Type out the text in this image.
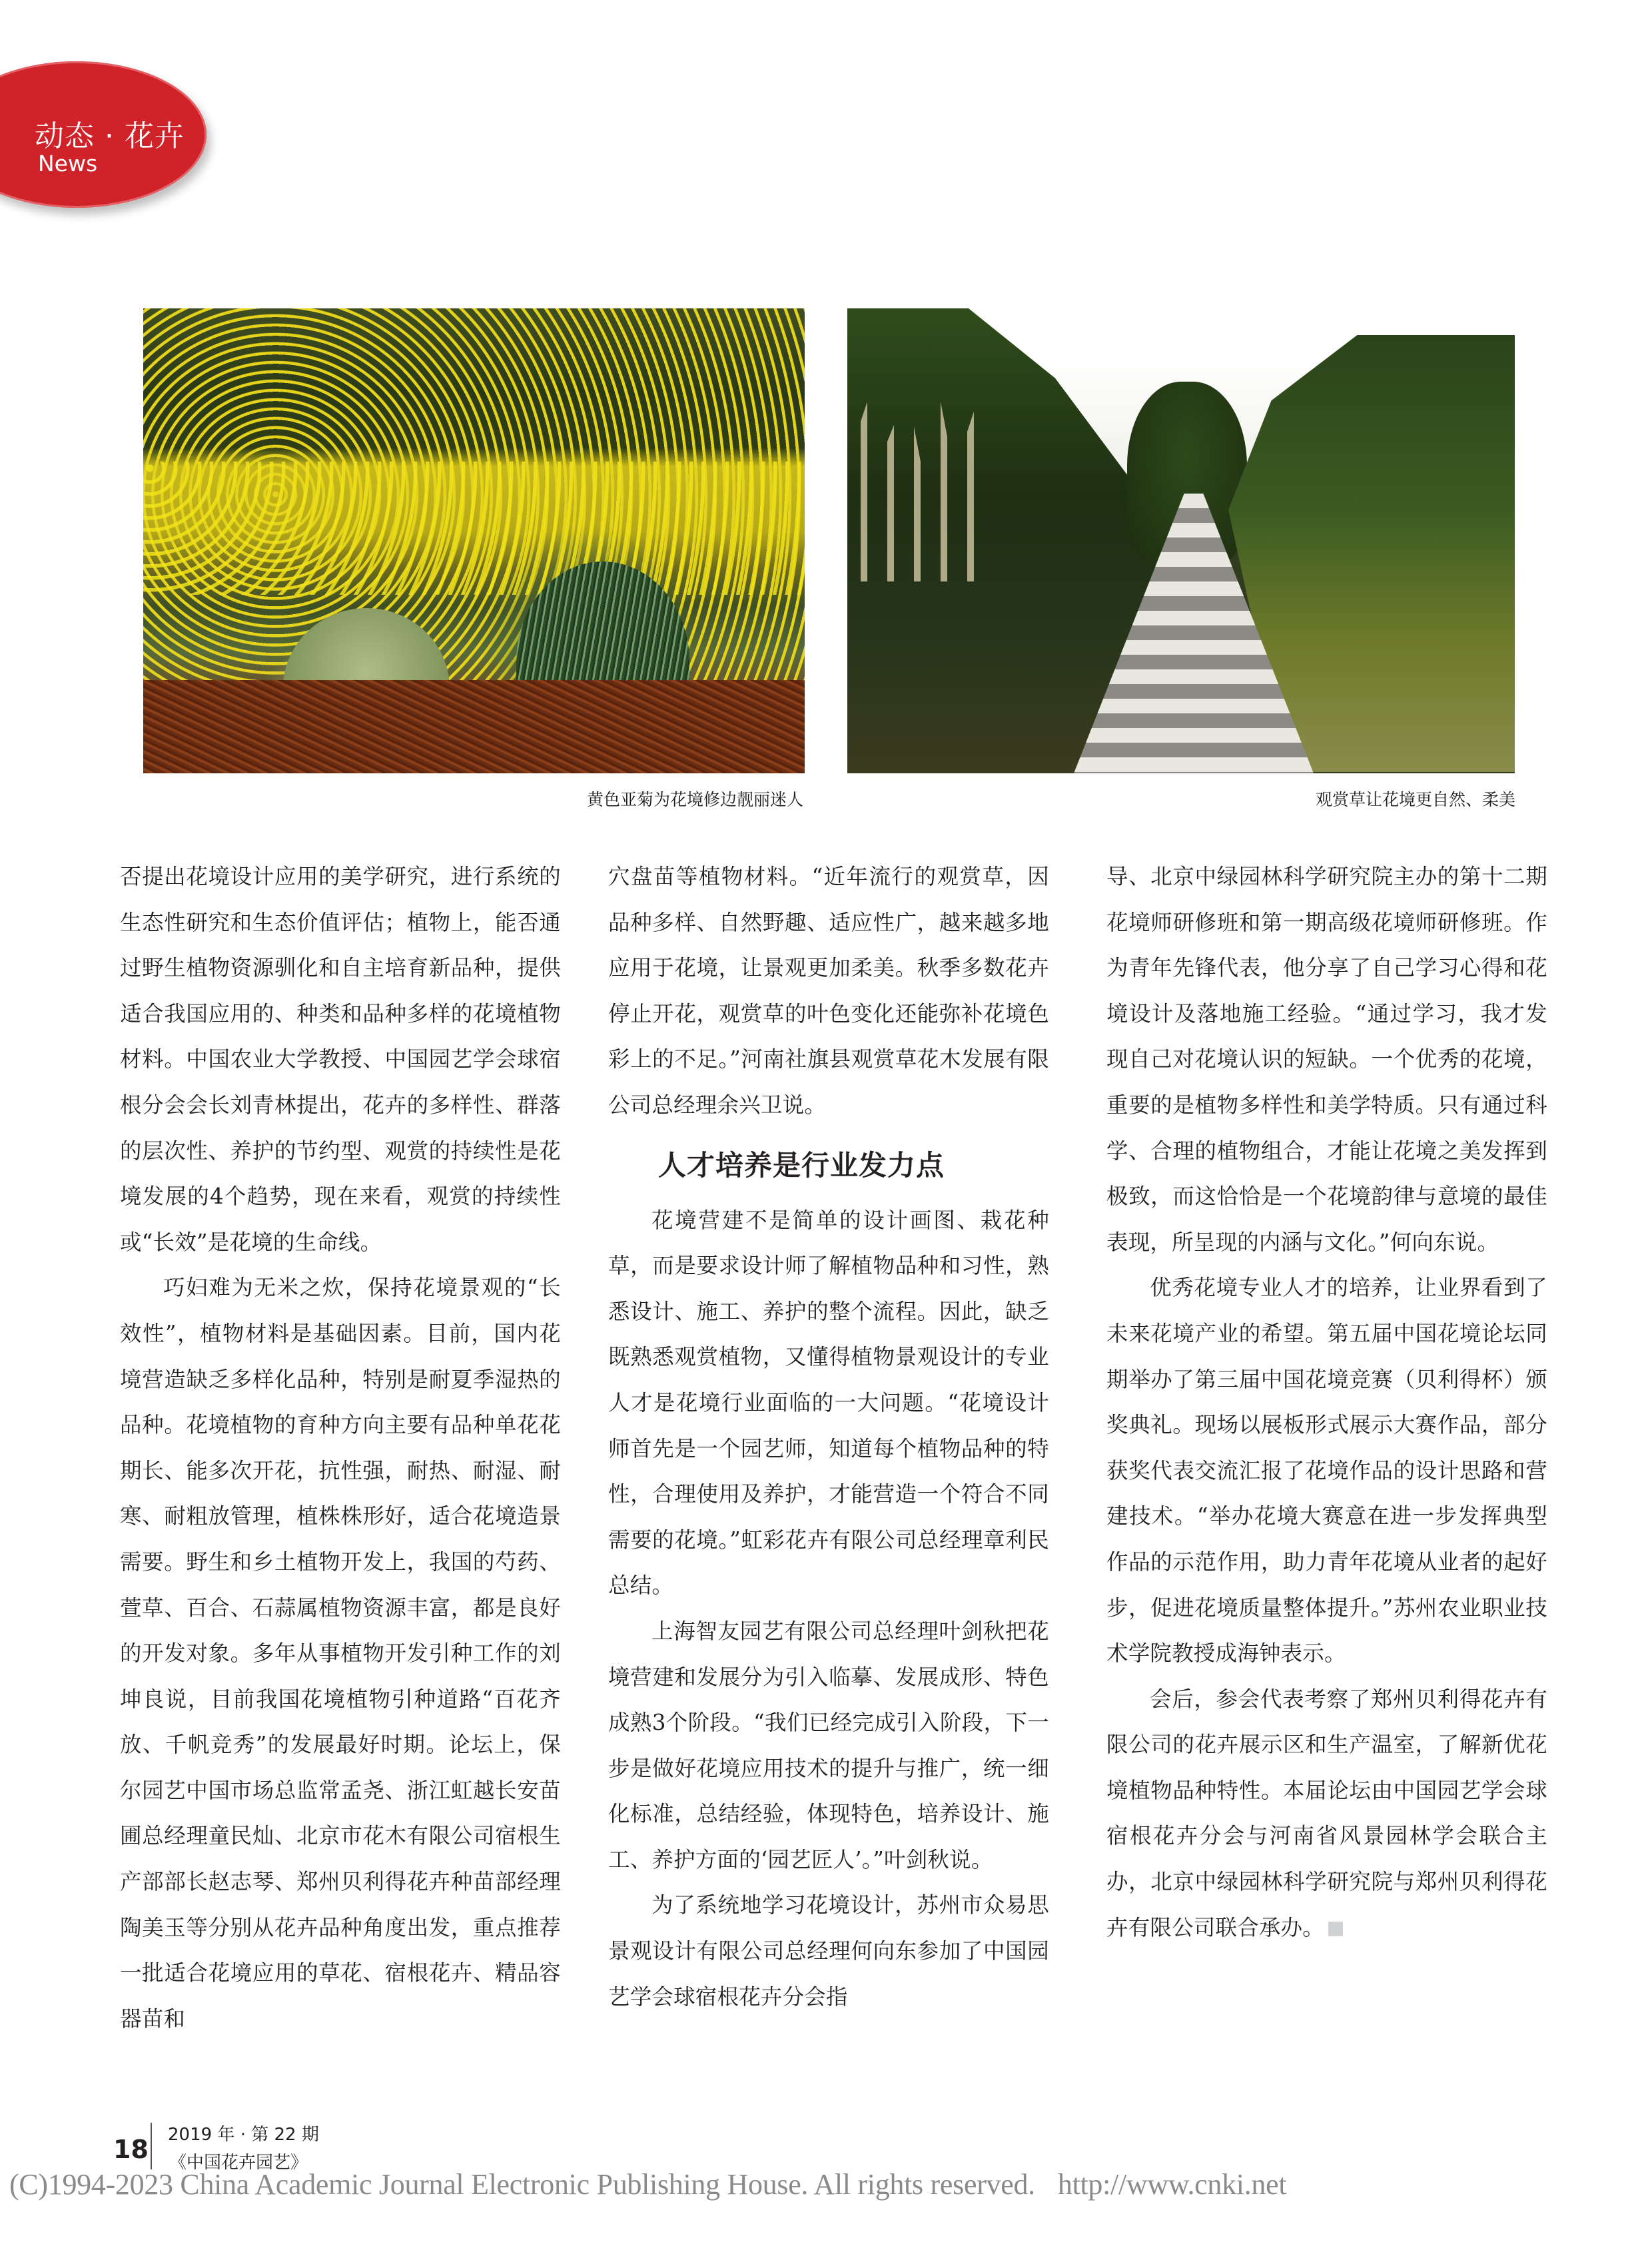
动态 · 花卉
News
黄色亚菊为花境修边靓丽迷人	观赏草让花境更自然、柔美

否提出花境设计应用的美学研究，进行系统的生态性研究和生态价值评估；植物上，能否通过野生植物资源驯化和自主培育新品种，提供适合我国应用的、种类和品种多样的花境植物材料。中国农业大学教授、中国园艺学会球宿根分会会长刘青林提出，花卉的多样性、群落的层次性、养护的节约型、观赏的持续性是花境发展的4个趋势，现在来看，观赏的持续性或“长效”是花境的生命线。

巧妇难为无米之炊，保持花境景观的“长效性”，植物材料是基础因素。目前，国内花境营造缺乏多样化品种，特别是耐夏季湿热的品种。花境植物的育种方向主要有品种单花花期长、能多次开花，抗性强，耐热、耐湿、耐寒、耐粗放管理，植株株形好，适合花境造景需要。野生和乡土植物开发上，我国的芍药、萱草、百合、石蒜属植物资源丰富，都是良好的开发对象。多年从事植物开发引种工作的刘坤良说，目前我国花境植物引种道路“百花齐放、千帆竞秀”的发展最好时期。论坛上，保尔园艺中国市场总监常孟尧、浙江虹越长安苗圃总经理童民灿、北京市花木有限公司宿根生产部部长赵志琴、郑州贝利得花卉种苗部经理陶美玉等分别从花卉品种角度出发，重点推荐一批适合花境应用的草花、宿根花卉、精品容器苗和

穴盘苗等植物材料。“近年流行的观赏草，因品种多样、自然野趣、适应性广，越来越多地应用于花境，让景观更加柔美。秋季多数花卉停止开花，观赏草的叶色变化还能弥补花境色彩上的不足。”河南社旗县观赏草花木发展有限公司总经理余兴卫说。

人才培养是行业发力点

花境营建不是简单的设计画图、栽花种草，而是要求设计师了解植物品种和习性，熟悉设计、施工、养护的整个流程。因此，缺乏既熟悉观赏植物，又懂得植物景观设计的专业人才是花境行业面临的一大问题。“花境设计师首先是一个园艺师，知道每个植物品种的特性，合理使用及养护，才能营造一个符合不同需要的花境。”虹彩花卉有限公司总经理章利民总结。

上海智友园艺有限公司总经理叶剑秋把花境营建和发展分为引入临摹、发展成形、特色成熟3个阶段。“我们已经完成引入阶段，下一步是做好花境应用技术的提升与推广，统一细化标准，总结经验，体现特色，培养设计、施工、养护方面的‘园艺匠人’。”叶剑秋说。

为了系统地学习花境设计，苏州市众易思景观设计有限公司总经理何向东参加了中国园艺学会球宿根花卉分会指

导、北京中绿园林科学研究院主办的第十二期花境师研修班和第一期高级花境师研修班。作为青年先锋代表，他分享了自己学习心得和花境设计及落地施工经验。“通过学习，我才发现自己对花境认识的短缺。一个优秀的花境，重要的是植物多样性和美学特质。只有通过科学、合理的植物组合，才能让花境之美发挥到极致，而这恰恰是一个花境韵律与意境的最佳表现，所呈现的内涵与文化。”何向东说。

优秀花境专业人才的培养，让业界看到了未来花境产业的希望。第五届中国花境论坛同期举办了第三届中国花境竞赛（贝利得杯）颁奖典礼。现场以展板形式展示大赛作品，部分获奖代表交流汇报了花境作品的设计思路和营建技术。“举办花境大赛意在进一步发挥典型作品的示范作用，助力青年花境从业者的起好步，促进花境质量整体提升。”苏州农业职业技术学院教授成海钟表示。

会后，参会代表考察了郑州贝利得花卉有限公司的花卉展示区和生产温室，了解新优花境植物品种特性。本届论坛由中国园艺学会球宿根花卉分会与河南省风景园林学会联合主办，北京中绿园林科学研究院与郑州贝利得花卉有限公司联合承办。

18 2019 年 · 第 22 期
《中国花卉园艺》
(C)1994-2023 China Academic Journal Electronic Publishing House. All rights reserved. http://www.cnki.net
